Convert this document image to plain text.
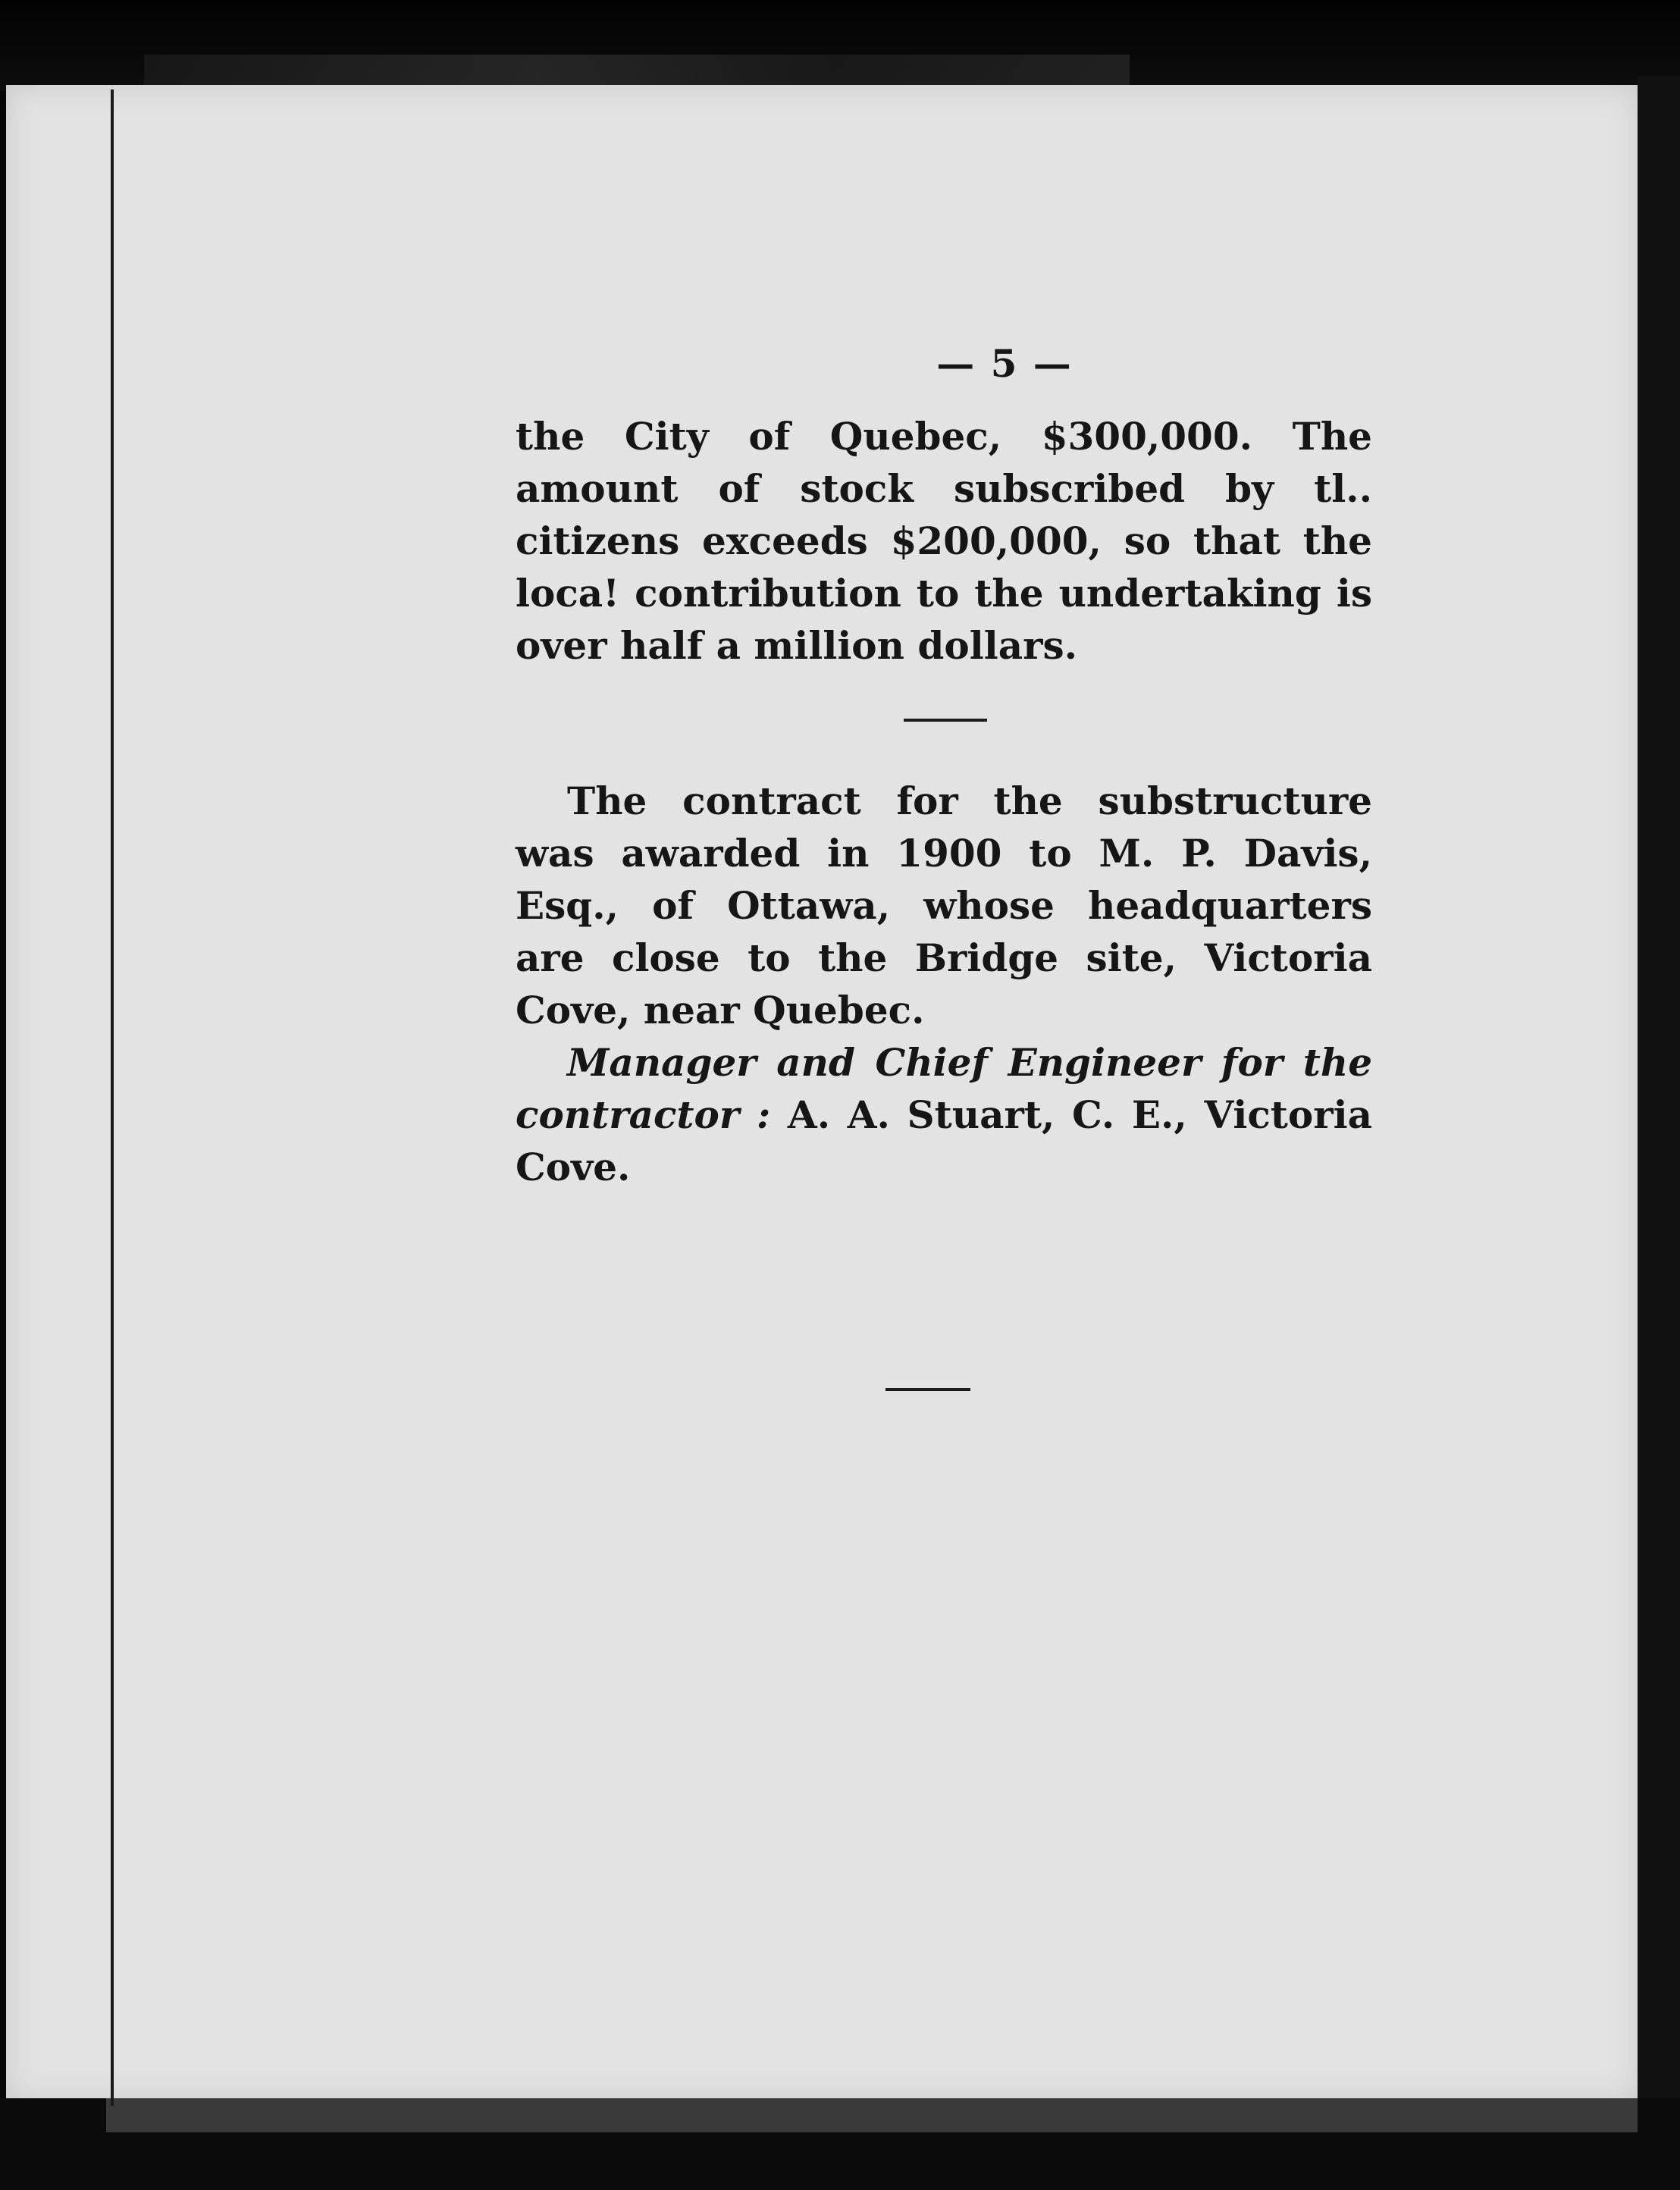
— 5 —

the City of Quebec, $300,000. The amount of stock subscribed by tl.. citizens exceeds $200,000, so that the loca! contribution to the undertaking is over half a million dollars.

The contract for the substructure was awarded in 1900 to M. P. Davis, Esq., of Ottawa, whose headquarters are close to the Bridge site, Victoria Cove, near Quebec.

Manager and Chief Engineer for the contractor : A. A. Stuart, C. E., Victoria Cove.
